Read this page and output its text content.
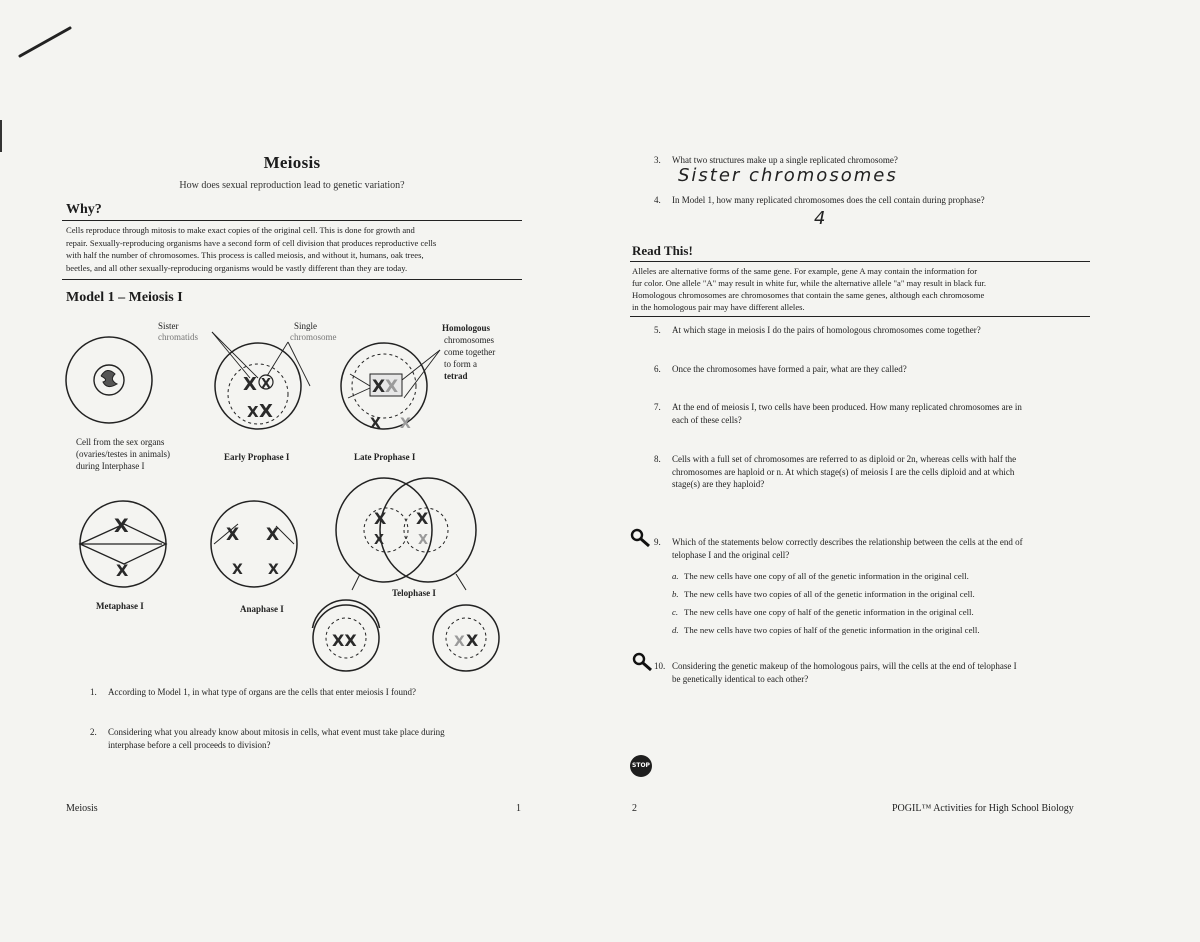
Meiosis
How does sexual reproduction lead to genetic variation?
Why?
Cells reproduce through mitosis to make exact copies of the original cell. This is done for growth and
repair. Sexually-reproducing organisms have a second form of cell division that produces reproductive cells
with half the number of chromosomes. This process is called meiosis, and without it, humans, oak trees,
beetles, and all other sexually-reproducing organisms would be vastly different than they are today.
Model 1 – Meiosis I
1. According to Model 1, in what type of organs are the cells that enter meiosis I found?
2. Considering what you already know about mitosis in cells, what event must take place during
interphase before a cell proceeds to division?
Meiosis	1
X X
X X
Sister
chromatids
Single
chromosome
X X
X X
Homologous
chromosomes
come together
to form a
tetrad
Cell from the sex organs
(ovaries/testes in animals)
during Interphase I
Early Prophase I	Late Prophase I
X
X
Metaphase I
X X
X X
Anaphase I
X
X
X
X
Telophase I
XX	X X
3. What two structures make up a single replicated chromosome?
Sister chromosomes
4. In Model 1, how many replicated chromosomes does the cell contain during prophase?
4
Read This!
Alleles are alternative forms of the same gene. For example, gene A may contain the information for
fur color. One allele "A" may result in white fur, while the alternative allele "a" may result in black fur.
Homologous chromosomes are chromosomes that contain the same genes, although each chromosome
in the homologous pair may have different alleles.
5. At which stage in meiosis I do the pairs of homologous chromosomes come together?
6. Once the chromosomes have formed a pair, what are they called?
7. At the end of meiosis I, two cells have been produced. How many replicated chromosomes are in
each of these cells?
8. Cells with a full set of chromosomes are referred to as diploid or 2n, whereas cells with half the
chromosomes are haploid or n. At which stage(s) of meiosis I are the cells diploid and at which
stage(s) are they haploid?
9. Which of the statements below correctly describes the relationship between the cells at the end of
telophase I and the original cell?
a. The new cells have one copy of all of the genetic information in the original cell.
b. The new cells have two copies of all of the genetic information in the original cell.
c. The new cells have one copy of half of the genetic information in the original cell.
d. The new cells have two copies of half of the genetic information in the original cell.
10. Considering the genetic makeup of the homologous pairs, will the cells at the end of telophase I
be genetically identical to each other?
2	POGIL™ Activities for High School Biology
STOP
